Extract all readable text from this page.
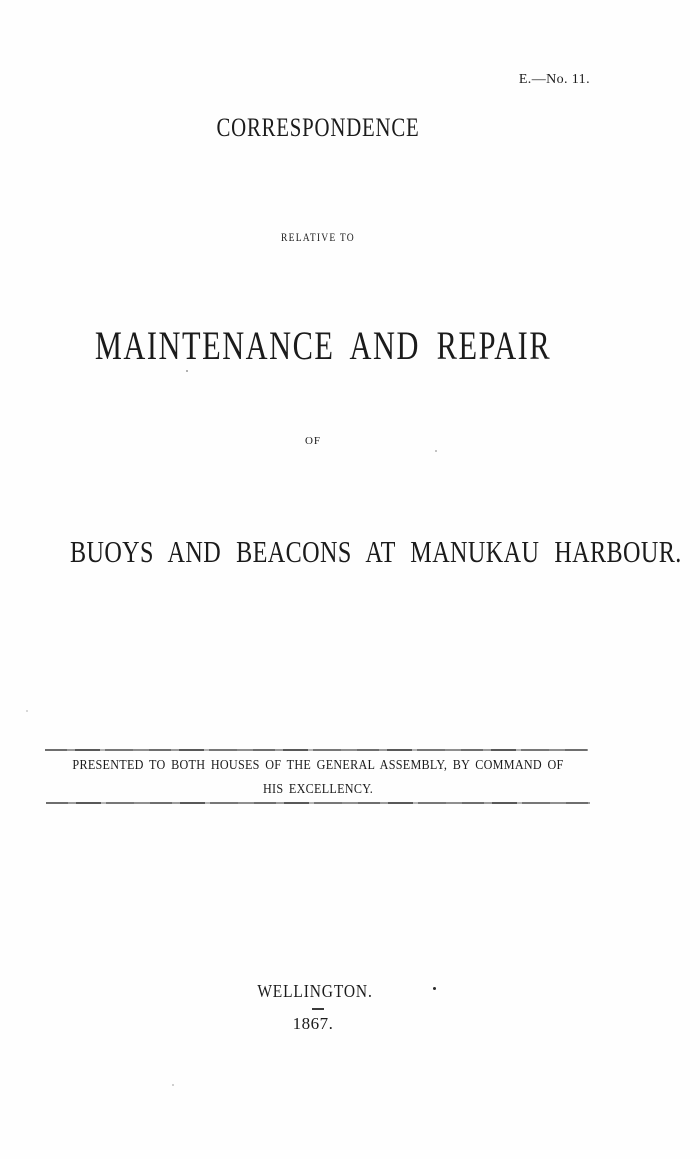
E.—No. 11.
CORRESPONDENCE
RELATIVE TO
MAINTENANCE AND REPAIR
OF
BUOYS AND BEACONS AT MANUKAU HARBOUR.
PRESENTED TO BOTH HOUSES OF THE GENERAL ASSEMBLY, BY COMMAND OF
HIS EXCELLENCY.
WELLINGTON.
1867.
